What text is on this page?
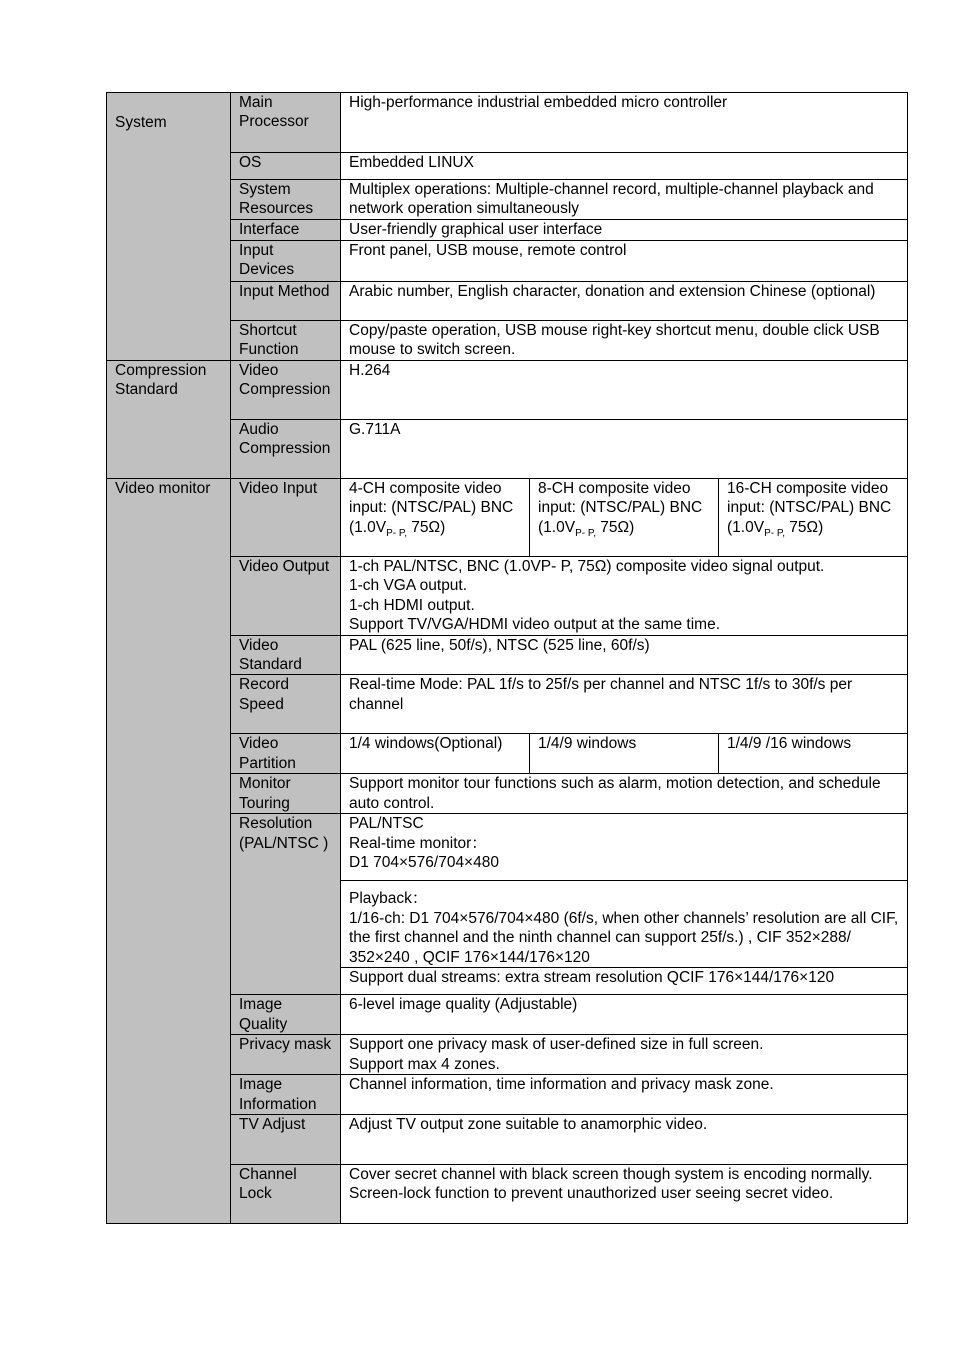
System	Main Processor	High-performance industrial embedded micro controller		
	OS	Embedded LINUX		
	System Resources	Multiplex operations: Multiple-channel record, multiple-channel playback and network operation simultaneously		
	Interface	User-friendly graphical user interface		
	Input Devices	Front panel, USB mouse, remote control		
	Input Method	Arabic number, English character, donation and extension Chinese (optional)		
	Shortcut Function	Copy/paste operation, USB mouse right-key shortcut menu, double click USB mouse to switch screen.		
Compression Standard	Video Compression	H.264		
	Audio Compression	G.711A		
Video monitor	Video Input	4-CH composite video input: (NTSC/PAL) BNC ($1.0V_{P- P,}$ 75Ω)	8-CH composite video input: (NTSC/PAL) BNC ($1.0V_{P- P,}$ 75Ω)	16-CH composite video input: (NTSC/PAL) BNC ($1.0V_{P- P,}$ 75Ω)
	Video Output	1-ch PAL/NTSC, BNC (1.0VP- P, 75Ω) composite video signal output.
1-ch VGA output.
1-ch HDMI output.
Support TV/VGA/HDMI video output at the same time.		

	Video Standard	PAL (625 line, 50f/s), NTSC (525 line, 60f/s)		
	Record Speed	Real-time Mode: PAL 1f/s to 25f/s per channel and NTSC 1f/s to 30f/s per channel		
	Video Partition	1/4 windows(Optional)	1/4/9 windows	1/4/9 /16 windows
	Monitor Touring	Support monitor tour functions such as alarm, motion detection, and schedule auto control.		
	Resolution (PAL/NTSC )	PAL/NTSC
Real-time monitor：
D1 704×576/704×480		

		Playback：
1/16-ch: D1 704×576/704×480 (6f/s, when other channels’ resolution are all CIF, the first channel and the ninth channel can support 25f/s.) , CIF 352×288/ 352×240 , QCIF 176×144/176×120		

		Support dual streams: extra stream resolution QCIF 176×144/176×120		
	Image Quality	6-level image quality (Adjustable)		
	Privacy mask	Support one privacy mask of user-defined size in full screen.
Support max 4 zones.		

	Image Information	Channel information, time information and privacy mask zone.		
	TV Adjust	Adjust TV output zone suitable to anamorphic video.		
	Channel Lock	Cover secret channel with black screen though system is encoding normally.
Screen-lock function to prevent unauthorized user seeing secret video.		
